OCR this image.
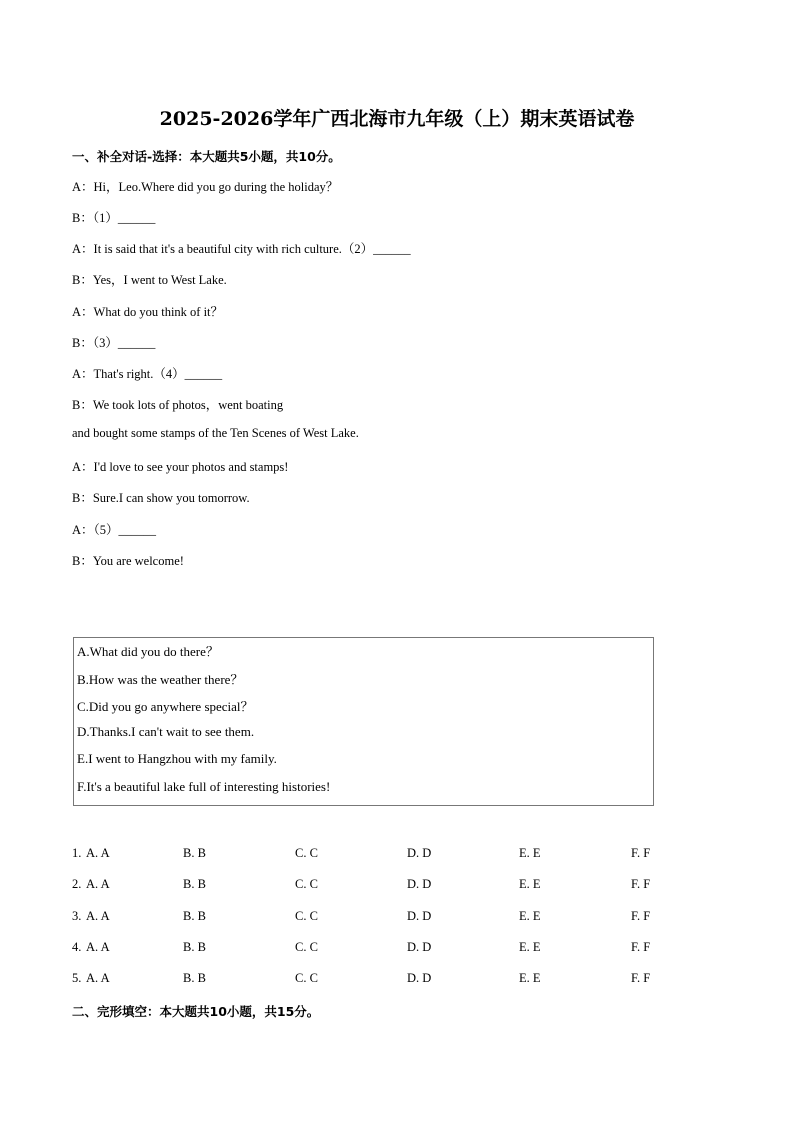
2025-2026学年广西北海市九年级（上）期末英语试卷
一、补全对话-选择：本大题共5小题，共10分。
A：Hi，Leo.Where did you go during the holiday？
B：（1）______
A：It is said that it's a beautiful city with rich culture.（2）______
B：Yes，I went to West Lake.
A：What do you think of it？
B：（3）______
A：That's right.（4）______
B：We took lots of photos，went boating
and bought some stamps of the Ten Scenes of West Lake.
A：I'd love to see your photos and stamps!
B：Sure.I can show you tomorrow.
A：（5）______
B：You are welcome!
A.What did you do there？
B.How was the weather there？
C.Did you go anywhere special？
D.Thanks.I can't wait to see them.
E.I went to Hangzhou with my family.
F.It's a beautiful lake full of interesting histories!
1. A. A	B. B	C. C	D. D	E. E	F. F
2. A. A	B. B	C. C	D. D	E. E	F. F
3. A. A	B. B	C. C	D. D	E. E	F. F
4. A. A	B. B	C. C	D. D	E. E	F. F
5. A. A	B. B	C. C	D. D	E. E	F. F
二、完形填空：本大题共10小题，共15分。
